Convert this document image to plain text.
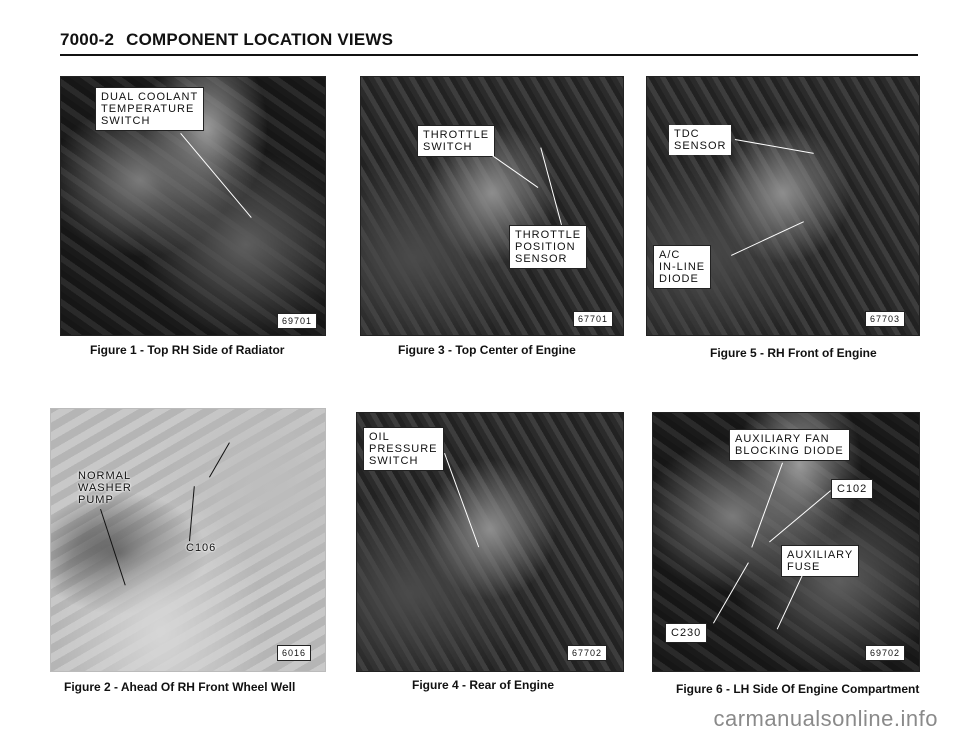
7000-2 COMPONENT LOCATION VIEWS
DUAL COOLANT
TEMPERATURE
SWITCH
69701
Figure 1 - Top RH Side of Radiator
THROTTLE
SWITCH
THROTTLE
POSITION
SENSOR
67701
Figure 3 - Top Center of Engine
TDC
SENSOR
A/C
IN-LINE
DIODE
67703
Figure 5 - RH Front of Engine
NORMAL
WASHER
PUMP
C106
6016
Figure 2 - Ahead Of RH Front Wheel Well
OIL
PRESSURE
SWITCH
67702
Figure 4 - Rear of Engine
AUXILIARY FAN
BLOCKING DIODE
C102
AUXILIARY
FUSE
C230
69702
Figure 6 - LH Side Of Engine Compartment
carmanualsonline.info
